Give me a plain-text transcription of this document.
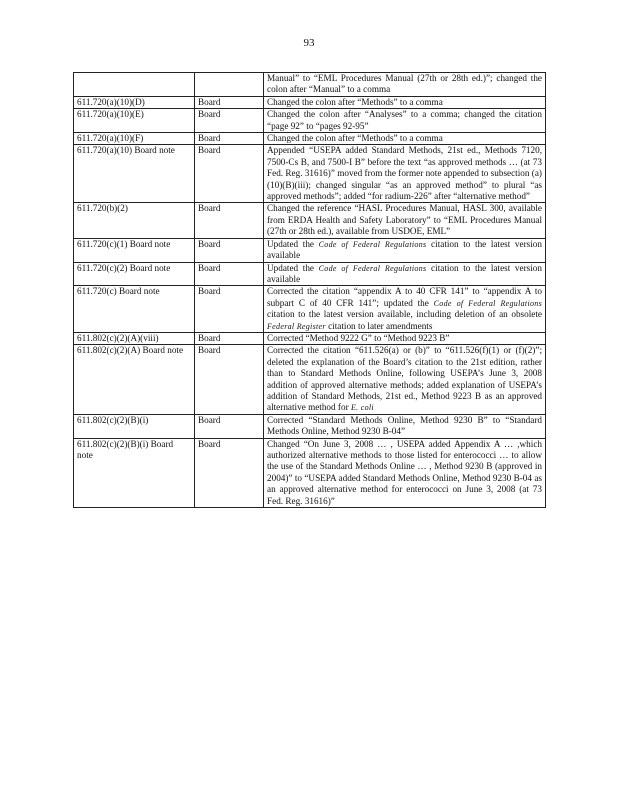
93
		Manual” to “EML Procedures Manual (27th or 28th ed.)”; changed the colon after “Manual” to a comma
611.720(a)(10)(D)	Board	Changed the colon after “Methods” to a comma
611.720(a)(10)(E)	Board	Changed the colon after “Analyses” to a comma; changed the citation “page 92” to “pages 92-95”
611.720(a)(10)(F)	Board	Changed the colon after “Methods” to a comma
611.720(a)(10) Board note	Board	Appended “USEPA added Standard Methods, 21st ed., Methods 7120, 7500-Cs B, and 7500-I B” before the text “as approved methods … (at 73 Fed. Reg. 31616)” moved from the former note appended to subsection (a)(10)(B)(iii); changed singular “as an approved method” to plural “as approved methods”; added “for radium-226” after “alternative method”
611.720(b)(2)	Board	Changed the reference “HASL Procedures Manual, HASL 300, available from ERDA Health and Safety Laboratory” to “EML Procedures Manual (27th or 28th ed.), available from USDOE, EML”
611.720(c)(1) Board note	Board	Updated the Code of Federal Regulations citation to the latest version available
611.720(c)(2) Board note	Board	Updated the Code of Federal Regulations citation to the latest version available
611.720(c) Board note	Board	Corrected the citation “appendix A to 40 CFR 141” to “appendix A to subpart C of 40 CFR 141”; updated the Code of Federal Regulations citation to the latest version available, including deletion of an obsolete Federal Register citation to later amendments
611.802(c)(2)(A)(viii)	Board	Corrected “Method 9222 G” to “Method 9223 B”
611.802(c)(2)(A) Board note	Board	Corrected the citation “611.526(a) or (b)” to “611.526(f)(1) or (f)(2)”; deleted the explanation of the Board’s citation to the 21st edition, rather than to Standard Methods Online, following USEPA’s June 3, 2008 addition of approved alternative methods; added explanation of USEPA’s addition of Standard Methods, 21st ed., Method 9223 B as an approved alternative method for E. coli
611.802(c)(2)(B)(i)	Board	Corrected “Standard Methods Online, Method 9230 B” to “Standard Methods Online, Method 9230 B-04”
611.802(c)(2)(B)(i) Board note	Board	Changed “On June 3, 2008 … , USEPA added Appendix A … ,which authorized alternative methods to those listed for enterococci … to allow the use of the Standard Methods Online … , Method 9230 B (approved in 2004)” to “USEPA added Standard Methods Online, Method 9230 B-04 as an approved alternative method for enterococci on June 3, 2008 (at 73 Fed. Reg. 31616)”
